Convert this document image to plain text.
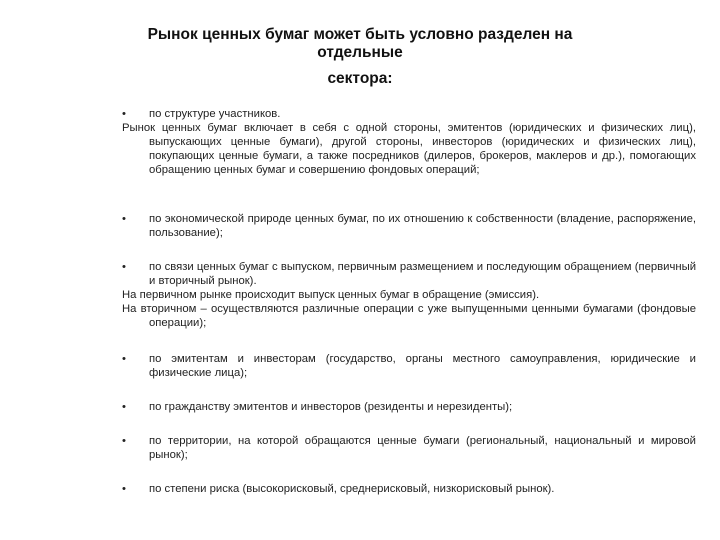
Рынок ценных бумаг может быть условно разделен на отдельные
сектора:
•	по структуре участников.
Рынок ценных бумаг включает в себя с одной стороны, эмитентов (юридических и физических лиц), выпускающих ценные бумаги), другой стороны, инвесторов (юридических и физических лиц), покупающих ценные бумаги, а также посредников (дилеров, брокеров, маклеров и др.), помогающих обращению ценных бумаг и совершению фондовых операций;
•	по экономической природе ценных бумаг, по их отношению к собственности (владение, распоряжение, пользование);
•	по связи ценных бумаг с выпуском, первичным размещением и последующим обращением (первичный и вторичный рынок).
На первичном рынке происходит выпуск ценных бумаг в обращение (эмиссия).
На вторичном – осуществляются различные операции с уже выпущенными ценными бумагами (фондовые операции);
•	по эмитентам и инвесторам (государство, органы местного самоуправления, юридические и физические лица);
•	по гражданству эмитентов и инвесторов (резиденты и нерезиденты);
•	по территории, на которой обращаются ценные бумаги (региональный, национальный и мировой рынок);
•	по степени риска (высокорисковый, среднерисковый, низкорисковый рынок).
